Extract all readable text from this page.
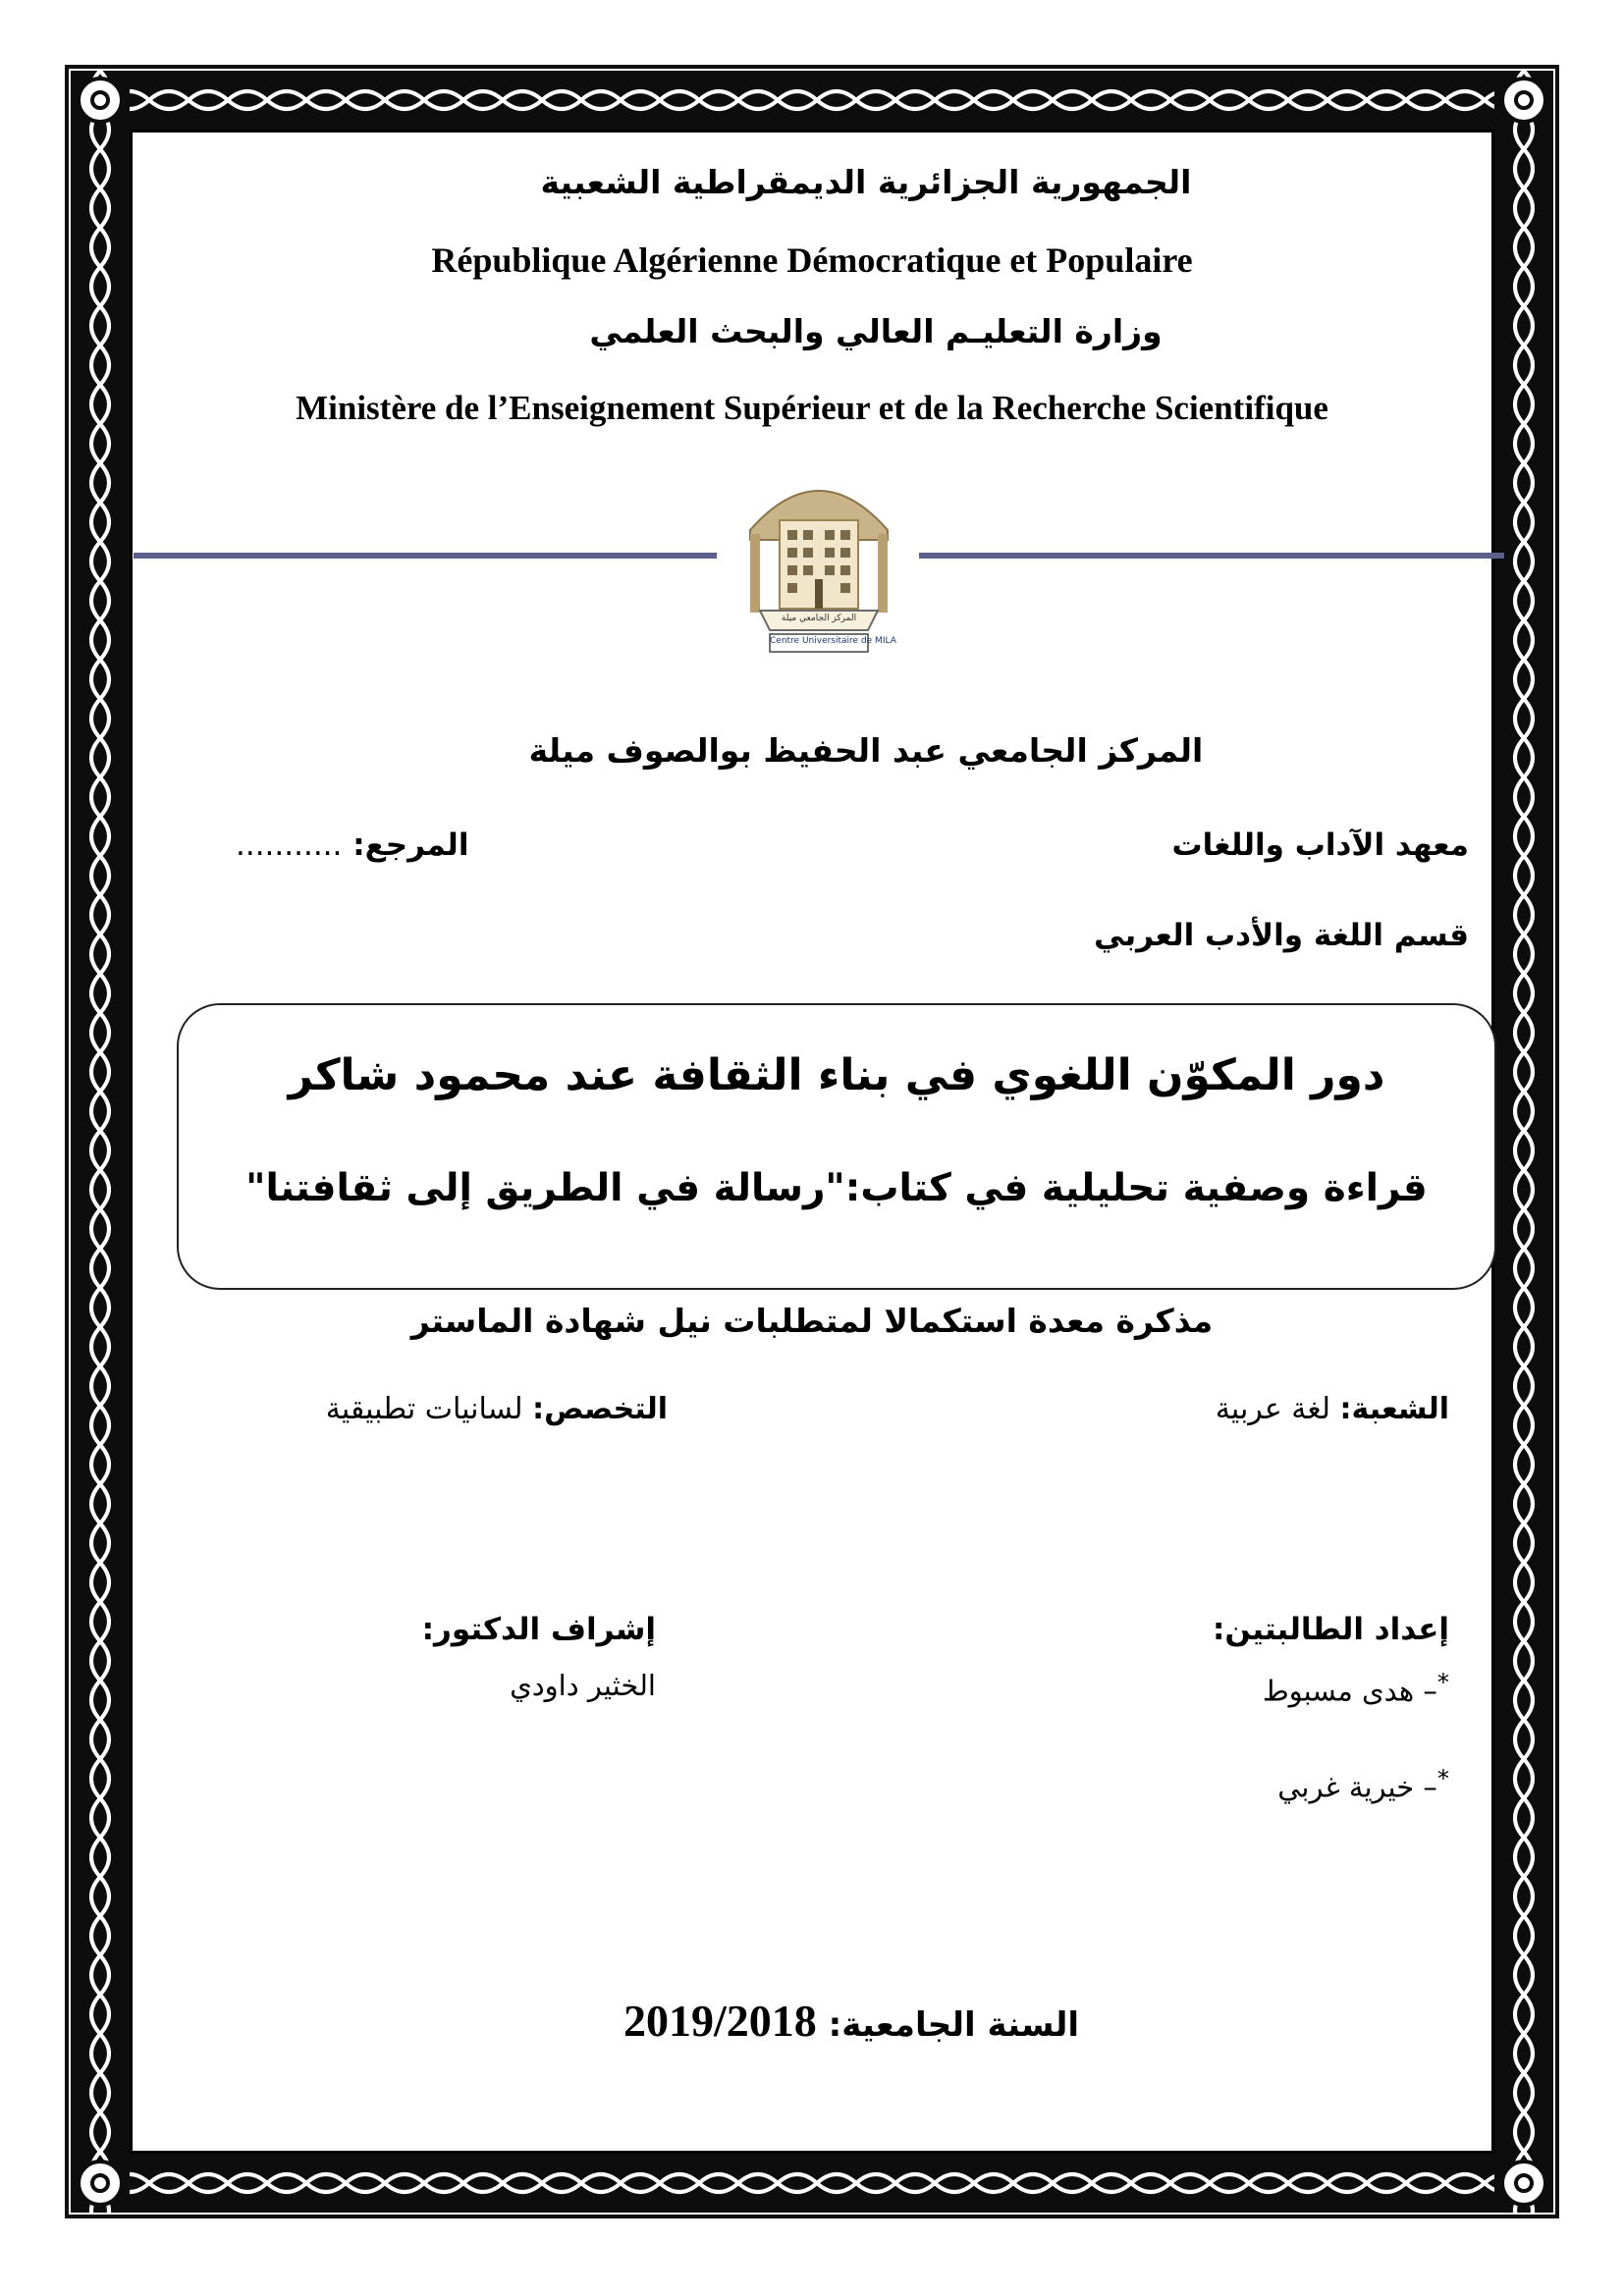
الجمهورية الجزائرية الديمقراطية الشعبية
République Algérienne Démocratique et Populaire
وزارة التعليـم العالي والبحث العلمي
Ministère de l’Enseignement Supérieur et de la Recherche Scientifique
المركز الجامعي ميلة
Centre Universitaire de MILA
المركز الجامعي عبد الحفيظ بوالصوف ميلة
معهد الآداب واللغات
المرجع: ...........
قسم اللغة والأدب العربي
دور المكوّن اللغوي في بناء الثقافة عند محمود شاكر
قراءة وصفية تحليلية في كتاب:"رسالة في الطريق إلى ثقافتنا"
مذكرة معدة استكمالا لمتطلبات نيل شهادة الماستر
الشعبة: لغة عربية
التخصص: لسانيات تطبيقية
إعداد الطالبتين:
إشراف الدكتور:
*– هدى مسبوط
الخثير داودي
*– خيرية غربي
السنة الجامعية: 2019/2018
